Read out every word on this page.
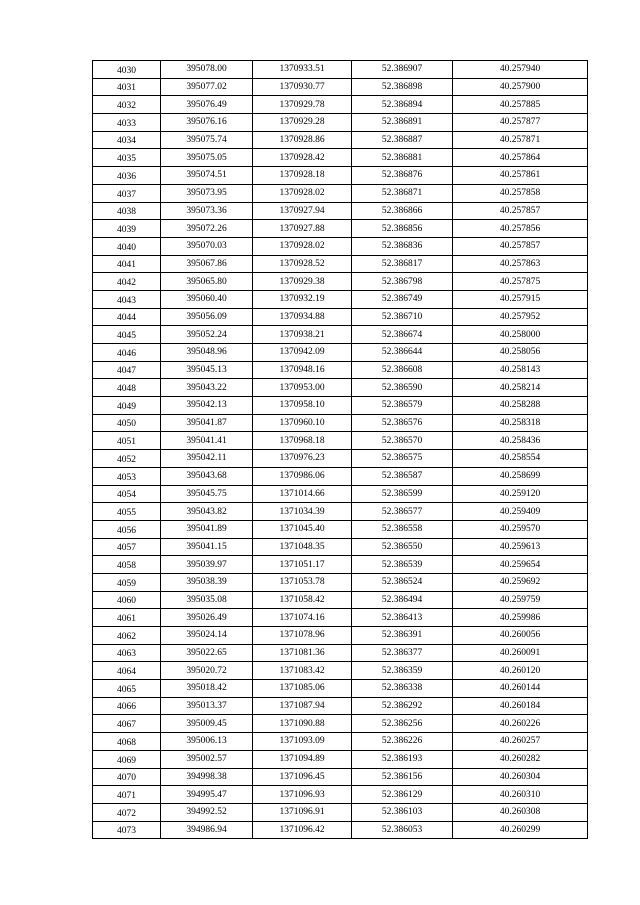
4030	395078.00	1370933.51	52.386907	40.257940
4031	395077.02	1370930.77	52.386898	40.257900
4032	395076.49	1370929.78	52.386894	40.257885
4033	395076.16	1370929.28	52.386891	40.257877
4034	395075.74	1370928.86	52.386887	40.257871
4035	395075.05	1370928.42	52.386881	40.257864
4036	395074.51	1370928.18	52.386876	40.257861
4037	395073.95	1370928.02	52.386871	40.257858
4038	395073.36	1370927.94	52.386866	40.257857
4039	395072.26	1370927.88	52.386856	40.257856
4040	395070.03	1370928.02	52.386836	40.257857
4041	395067.86	1370928.52	52.386817	40.257863
4042	395065.80	1370929.38	52.386798	40.257875
4043	395060.40	1370932.19	52.386749	40.257915
4044	395056.09	1370934.88	52.386710	40.257952
4045	395052.24	1370938.21	52.386674	40.258000
4046	395048.96	1370942.09	52.386644	40.258056
4047	395045.13	1370948.16	52.386608	40.258143
4048	395043.22	1370953.00	52.386590	40.258214
4049	395042.13	1370958.10	52.386579	40.258288
4050	395041.87	1370960.10	52.386576	40.258318
4051	395041.41	1370968.18	52.386570	40.258436
4052	395042.11	1370976.23	52.386575	40.258554
4053	395043.68	1370986.06	52.386587	40.258699
4054	395045.75	1371014.66	52.386599	40.259120
4055	395043.82	1371034.39	52.386577	40.259409
4056	395041.89	1371045.40	52.386558	40.259570
4057	395041.15	1371048.35	52.386550	40.259613
4058	395039.97	1371051.17	52.386539	40.259654
4059	395038.39	1371053.78	52.386524	40.259692
4060	395035.08	1371058.42	52.386494	40.259759
4061	395026.49	1371074.16	52.386413	40.259986
4062	395024.14	1371078.96	52.386391	40.260056
4063	395022.65	1371081.36	52.386377	40.260091
4064	395020.72	1371083.42	52.386359	40.260120
4065	395018.42	1371085.06	52.386338	40.260144
4066	395013.37	1371087.94	52.386292	40.260184
4067	395009.45	1371090.88	52.386256	40.260226
4068	395006.13	1371093.09	52.386226	40.260257
4069	395002.57	1371094.89	52.386193	40.260282
4070	394998.38	1371096.45	52.386156	40.260304
4071	394995.47	1371096.93	52.386129	40.260310
4072	394992.52	1371096.91	52.386103	40.260308
4073	394986.94	1371096.42	52.386053	40.260299
